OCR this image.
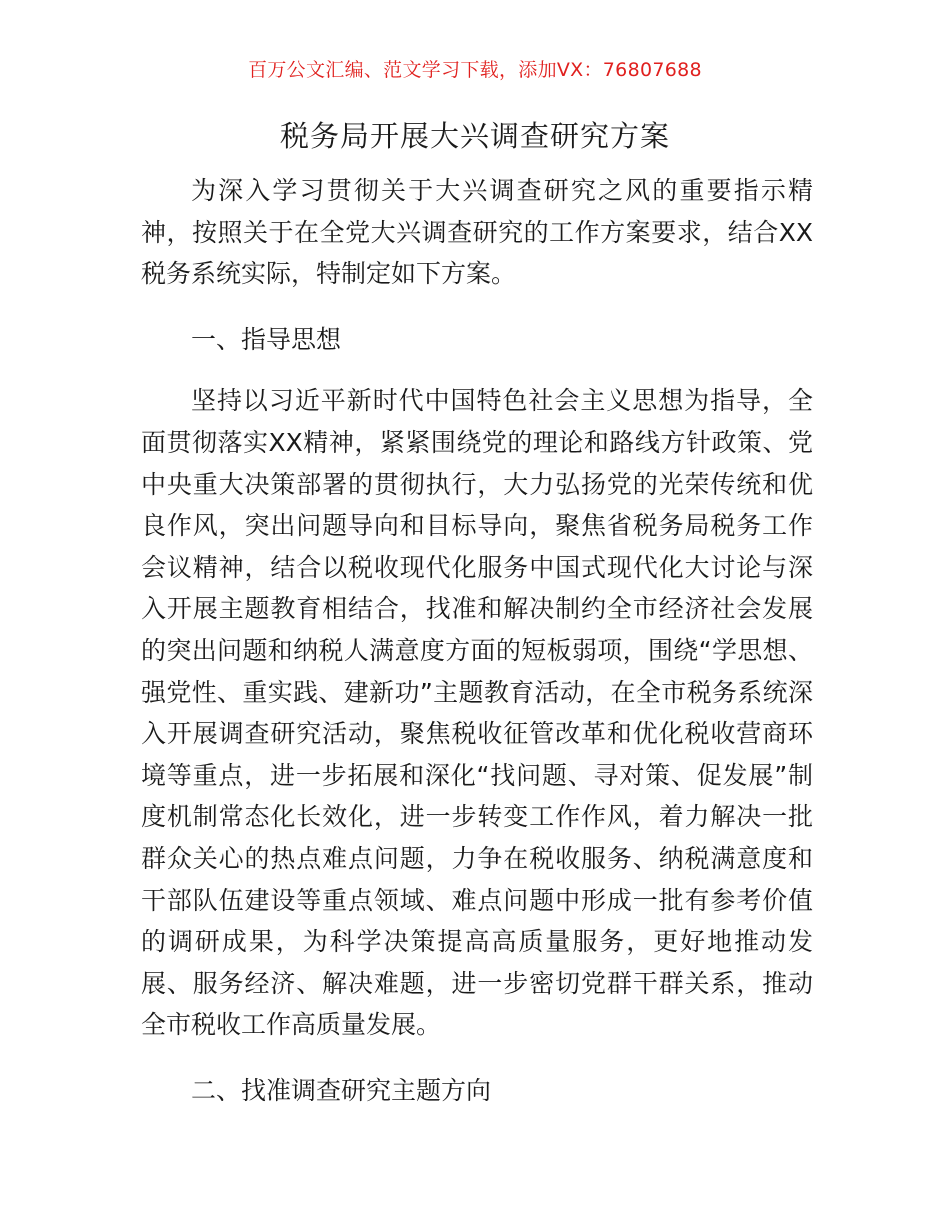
百万公文汇编、范文学习下载，添加VX：76807688
税务局开展大兴调查研究方案

为深入学习贯彻关于大兴调查研究之风的重要指示精神，按照关于在全党大兴调查研究的工作方案要求，结合XX税务系统实际，特制定如下方案。

一、指导思想

坚持以习近平新时代中国特色社会主义思想为指导，全面贯彻落实XX精神，紧紧围绕党的理论和路线方针政策、党中央重大决策部署的贯彻执行，大力弘扬党的光荣传统和优良作风，突出问题导向和目标导向，聚焦省税务局税务工作会议精神，结合以税收现代化服务中国式现代化大讨论与深入开展主题教育相结合，找准和解决制约全市经济社会发展的突出问题和纳税人满意度方面的短板弱项，围绕“学思想、强党性、重实践、建新功”主题教育活动，在全市税务系统深入开展调查研究活动，聚焦税收征管改革和优化税收营商环境等重点，进一步拓展和深化“找问题、寻对策、促发展”制度机制常态化长效化，进一步转变工作作风，着力解决一批群众关心的热点难点问题，力争在税收服务、纳税满意度和干部队伍建设等重点领域、难点问题中形成一批有参考价值的调研成果，为科学决策提高高质量服务，更好地推动发展、服务经济、解决难题，进一步密切党群干群关系，推动全市税收工作高质量发展。

二、找准调查研究主题方向
